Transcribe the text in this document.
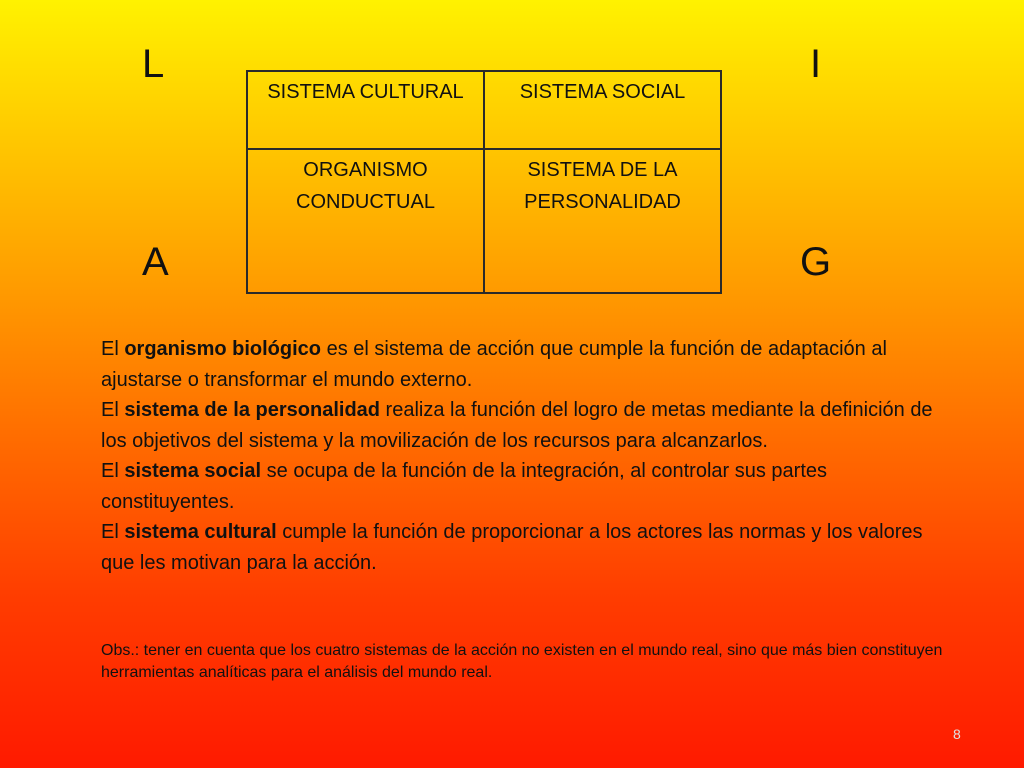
L	I
A	G
SISTEMA CULTURAL	SISTEMA SOCIAL
ORGANISMO CONDUCTUAL	SISTEMA DE LA PERSONALIDAD

El organismo biológico es el sistema de acción que cumple la función de adaptación al ajustarse o transformar el mundo externo.

El sistema de la personalidad realiza la función del logro de metas mediante la definición de los objetivos del sistema y la movilización de los recursos para alcanzarlos.

El sistema social se ocupa de la función de la integración, al controlar sus partes constituyentes.

El sistema cultural cumple la función de proporcionar a los actores las normas y los valores que les motivan para la acción.

Obs.: tener en cuenta que los cuatro sistemas de la acción no existen en el mundo real, sino que más bien constituyen herramientas analíticas para el análisis del mundo real.
8
